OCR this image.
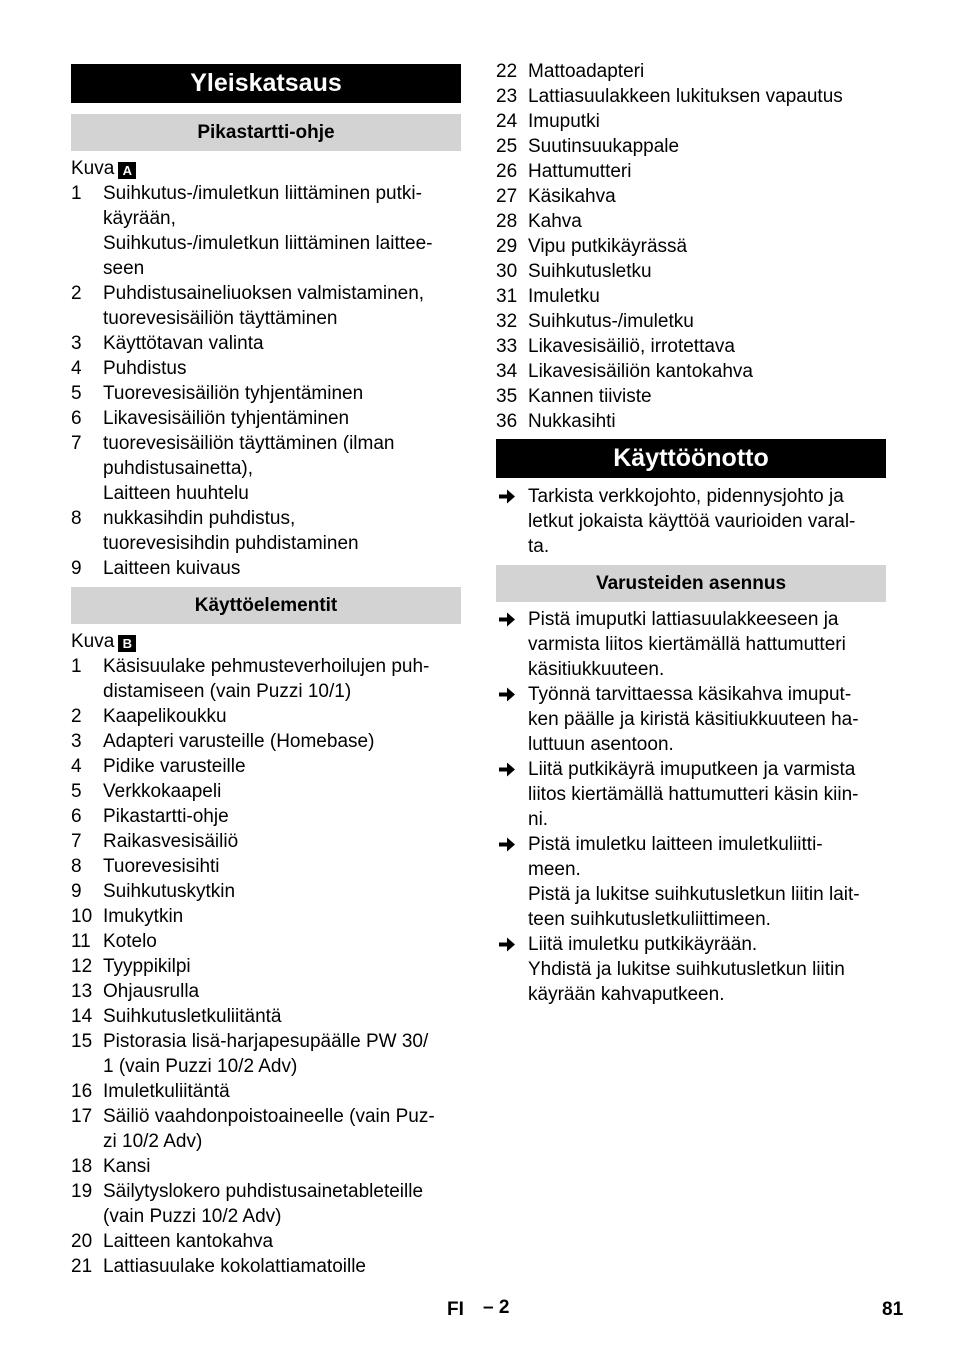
Yleiskatsaus
Pikastartti-ohje
Kuva A
1 Suihkutus-/imuletkun liittäminen putki-
käyrään,
Suihkutus-/imuletkun liittäminen laittee-
seen
2 Puhdistusaineliuoksen valmistaminen,
tuorevesisäiliön täyttäminen
3 Käyttötavan valinta
4 Puhdistus
5 Tuorevesisäiliön tyhjentäminen
6 Likavesisäiliön tyhjentäminen
7 tuorevesisäiliön täyttäminen (ilman
puhdistusainetta),
Laitteen huuhtelu
8 nukkasihdin puhdistus,
tuorevesisihdin puhdistaminen
9 Laitteen kuivaus
Käyttöelementit
Kuva B
1 Käsisuulake pehmusteverhoilujen puh-
distamiseen (vain Puzzi 10/1)
2 Kaapelikoukku
3 Adapteri varusteille (Homebase)
4 Pidike varusteille
5 Verkkokaapeli
6 Pikastartti-ohje
7 Raikasvesisäiliö
8 Tuorevesisihti
9 Suihkutuskytkin
10 Imukytkin
11 Kotelo
12 Tyyppikilpi
13 Ohjausrulla
14 Suihkutusletkuliitäntä
15 Pistorasia lisä-harjapesupäälle PW 30/
1 (vain Puzzi 10/2 Adv)
16 Imuletkuliitäntä
17 Säiliö vaahdonpoistoaineelle (vain Puz-
zi 10/2 Adv)
18 Kansi
19 Säilytyslokero puhdistusainetableteille
(vain Puzzi 10/2 Adv)
20 Laitteen kantokahva
21 Lattiasuulake kokolattiamatoille
22 Mattoadapteri
23 Lattiasuulakkeen lukituksen vapautus
24 Imuputki
25 Suutinsuukappale
26 Hattumutteri
27 Käsikahva
28 Kahva
29 Vipu putkikäyrässä
30 Suihkutusletku
31 Imuletku
32 Suihkutus-/imuletku
33 Likavesisäiliö, irrotettava
34 Likavesisäiliön kantokahva
35 Kannen tiiviste
36 Nukkasihti
Käyttöönotto
Tarkista verkkojohto, pidennysjohto ja
letkut jokaista käyttöä vaurioiden varal-
ta.
Varusteiden asennus
Pistä imuputki lattiasuulakkeeseen ja
varmista liitos kiertämällä hattumutteri
käsitiukkuuteen.
Työnnä tarvittaessa käsikahva imuput-
ken päälle ja kiristä käsitiukkuuteen ha-
luttuun asentoon.
Liitä putkikäyrä imuputkeen ja varmista
liitos kiertämällä hattumutteri käsin kiin-
ni.
Pistä imuletku laitteen imuletkuliitti-
meen.
Pistä ja lukitse suihkutusletkun liitin lait-
teen suihkutusletkuliittimeen.
Liitä imuletku putkikäyrään.
Yhdistä ja lukitse suihkutusletkun liitin
käyrään kahvaputkeen.
FI – 2	81
